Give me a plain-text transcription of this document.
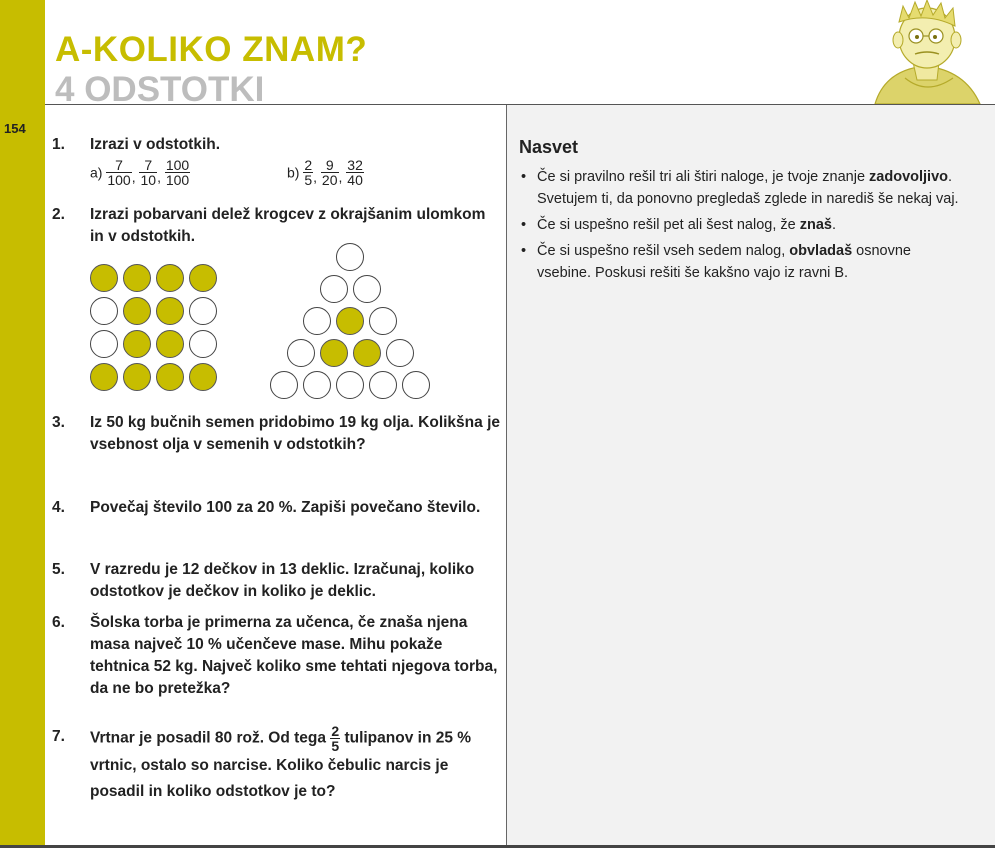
154
A-KOLIKO ZNAM?
4 ODSTOTKI
1. Izrazi v odstotkih.
$a) \frac{7}{100}$ , $\frac{7}{10}$ , $\frac{100}{100}$	$b) \frac{2}{5}$ , $\frac{9}{20}$ , $\frac{32}{40}$
2. Izrazi pobarvani delež krogcev z okrajšanim ulomkom in v odstotkih.
3. Iz 50 kg bučnih semen pridobimo 19 kg olja. Kolikšna je vsebnost olja v semenih v odstotkih?
4. Povečaj število 100 za 20 %. Zapiši povečano število.
5. V razredu je 12 dečkov in 13 deklic. Izračunaj, koliko odstotkov je dečkov in koliko je deklic.
6. Šolska torba je primerna za učenca, če znaša njena masa največ 10 % učenčeve mase. Mihu pokaže tehtnica 52 kg. Največ koliko sme tehtati njegova torba, da ne bo pretežka?
7. Vrtnar je posadil 80 rož. Od tega $\frac{2}{5}$ tulipanov in 25 % vrtnic, ostalo so narcise. Koliko čebulic narcis je posadil in koliko odstotkov je to?
Nasvet
• Če si pravilno rešil tri ali štiri naloge, je tvoje znanje zadovoljivo. Svetujem ti, da ponovno pregledaš zglede in narediš še nekaj vaj.
• Če si uspešno rešil pet ali šest nalog, že znaš.
• Če si uspešno rešil vseh sedem nalog, obvladaš osnovne vsebine. Poskusi rešiti še kakšno vajo iz ravni B.
